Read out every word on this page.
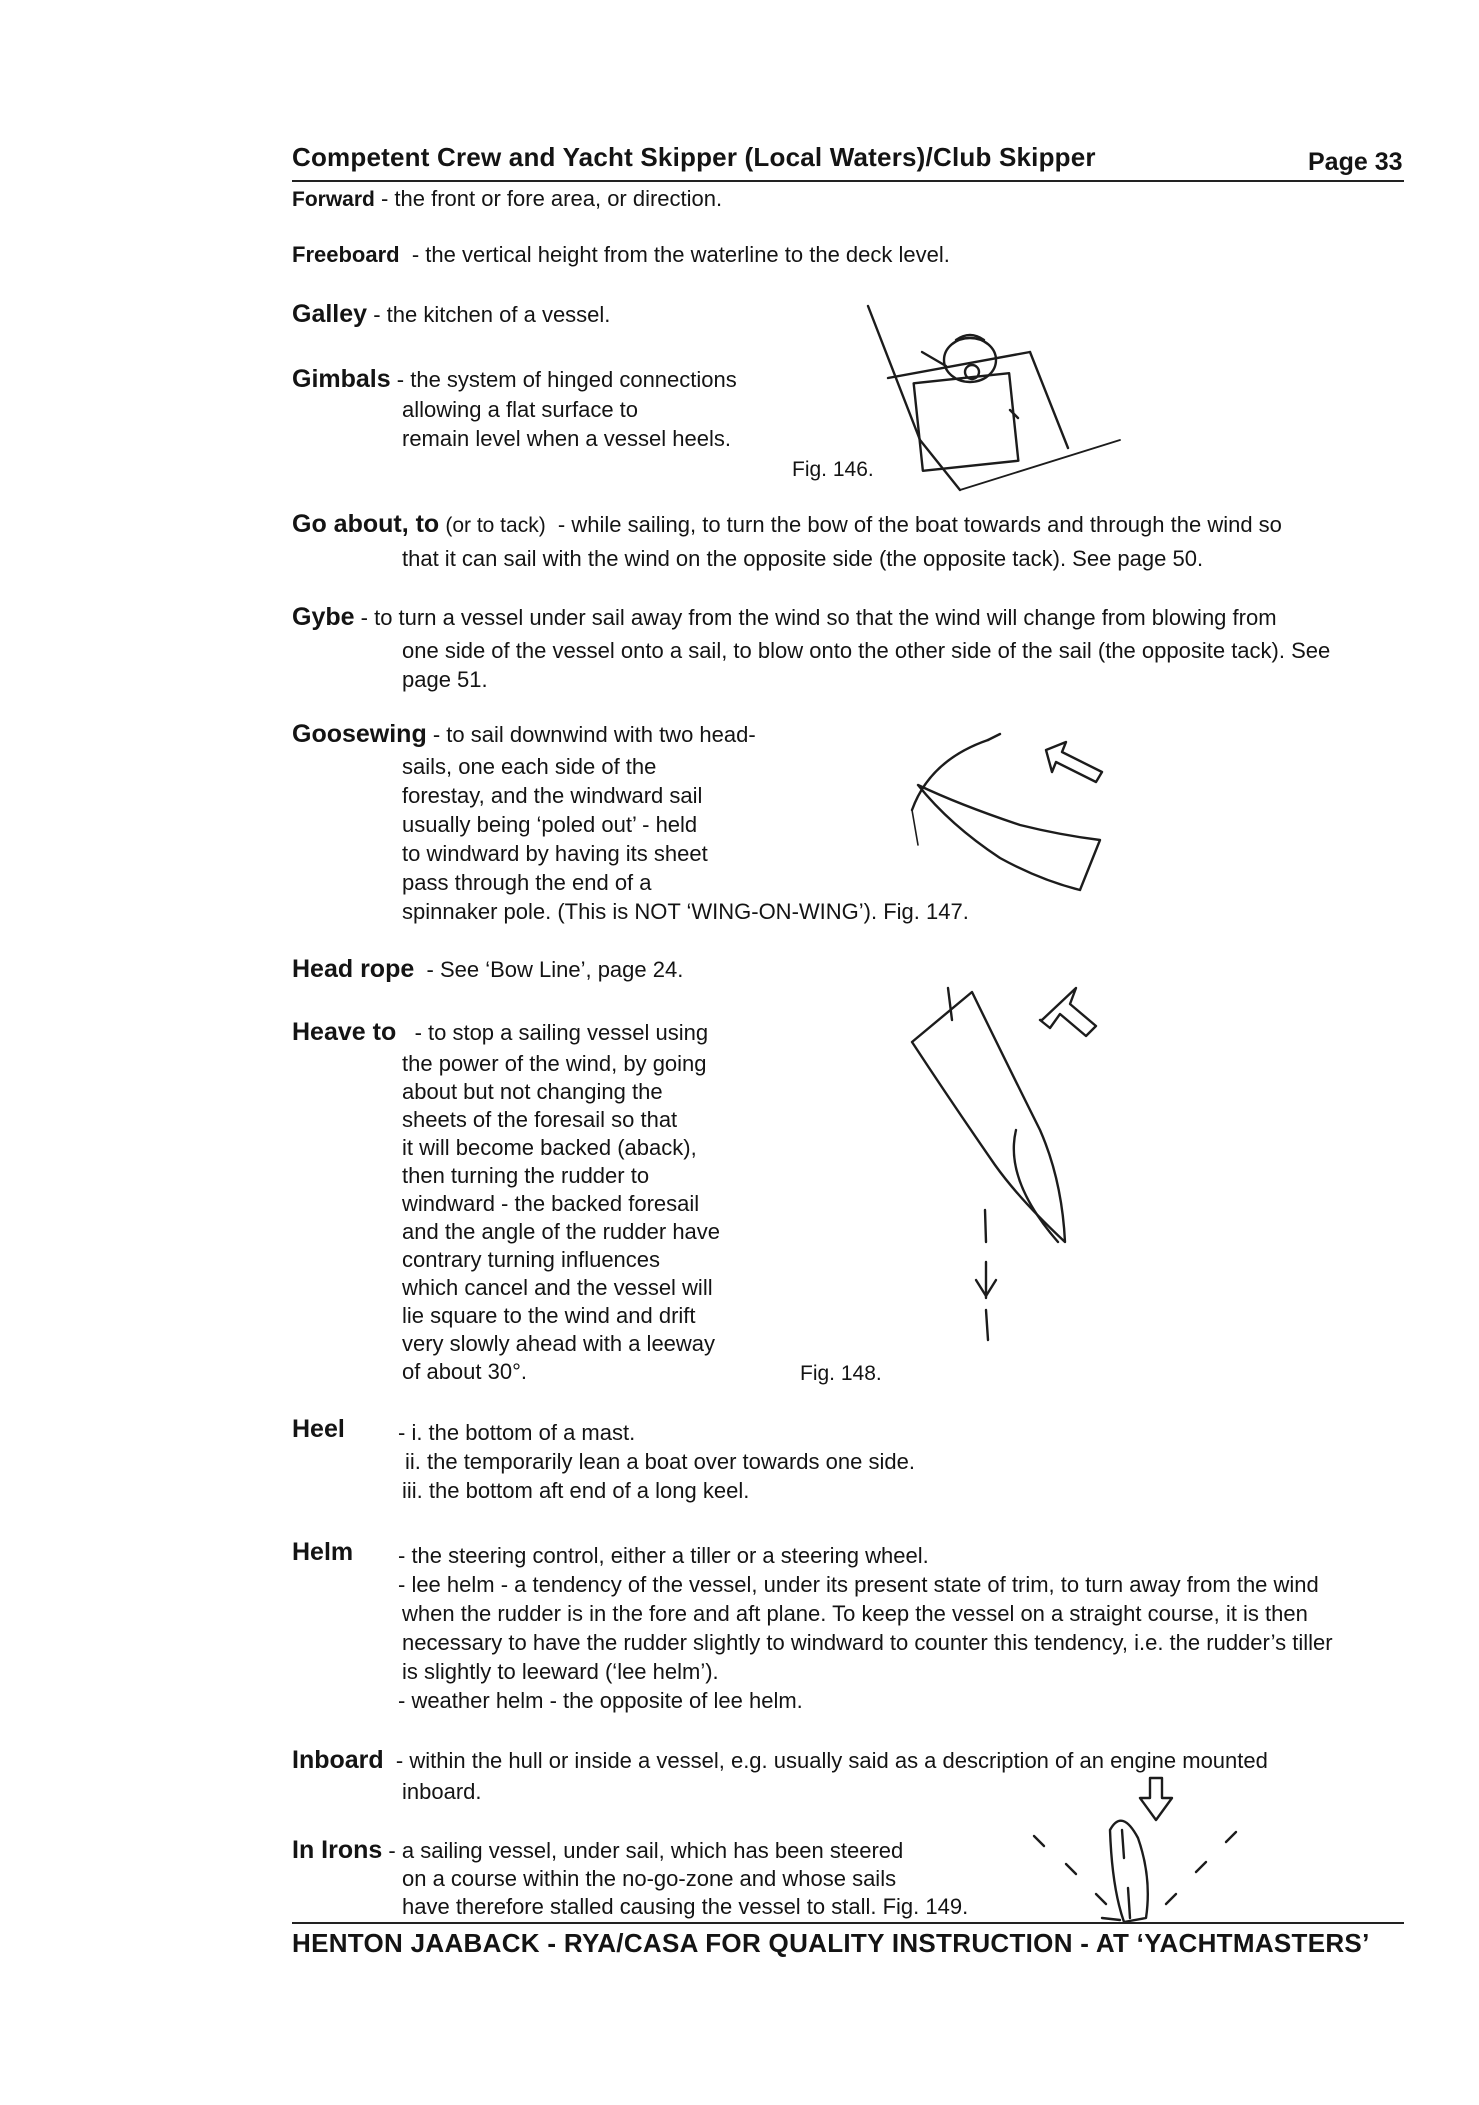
Competent Crew and Yacht Skipper (Local Waters)/Club Skipper	Page 33
Forward - the front or fore area, or direction.
Freeboard - the vertical height from the waterline to the deck level.
Galley - the kitchen of a vessel.
Gimbals - the system of hinged connections
allowing a flat surface to
remain level when a vessel heels.
Fig. 146.
Go about, to (or to tack) - while sailing, to turn the bow of the boat towards and through the wind so
that it can sail with the wind on the opposite side (the opposite tack). See page 50.
Gybe - to turn a vessel under sail away from the wind so that the wind will change from blowing from
one side of the vessel onto a sail, to blow onto the other side of the sail (the opposite tack). See
page 51.
Goosewing - to sail downwind with two head-
sails, one each side of the
forestay, and the windward sail
usually being ‘poled out’ - held
to windward by having its sheet
pass through the end of a
spinnaker pole. (This is NOT ‘WING-ON-WING’). Fig. 147.
Head rope - See ‘Bow Line’, page 24.
Heave to - to stop a sailing vessel using
the power of the wind, by going
about but not changing the
sheets of the foresail so that
it will become backed (aback),
then turning the rudder to
windward - the backed foresail
and the angle of the rudder have
contrary turning influences
which cancel and the vessel will
lie square to the wind and drift
very slowly ahead with a leeway
of about 30°.	Fig. 148.
Heel - i. the bottom of a mast.
ii. the temporarily lean a boat over towards one side.
iii. the bottom aft end of a long keel.
Helm - the steering control, either a tiller or a steering wheel.
- lee helm - a tendency of the vessel, under its present state of trim, to turn away from the wind
when the rudder is in the fore and aft plane. To keep the vessel on a straight course, it is then
necessary to have the rudder slightly to windward to counter this tendency, i.e. the rudder’s tiller
is slightly to leeward (‘lee helm’).
- weather helm - the opposite of lee helm.
Inboard - within the hull or inside a vessel, e.g. usually said as a description of an engine mounted
inboard.
In Irons - a sailing vessel, under sail, which has been steered
on a course within the no-go-zone and whose sails
have therefore stalled causing the vessel to stall. Fig. 149.
HENTON JAABACK - RYA/CASA FOR QUALITY INSTRUCTION - AT ‘YACHTMASTERS’
